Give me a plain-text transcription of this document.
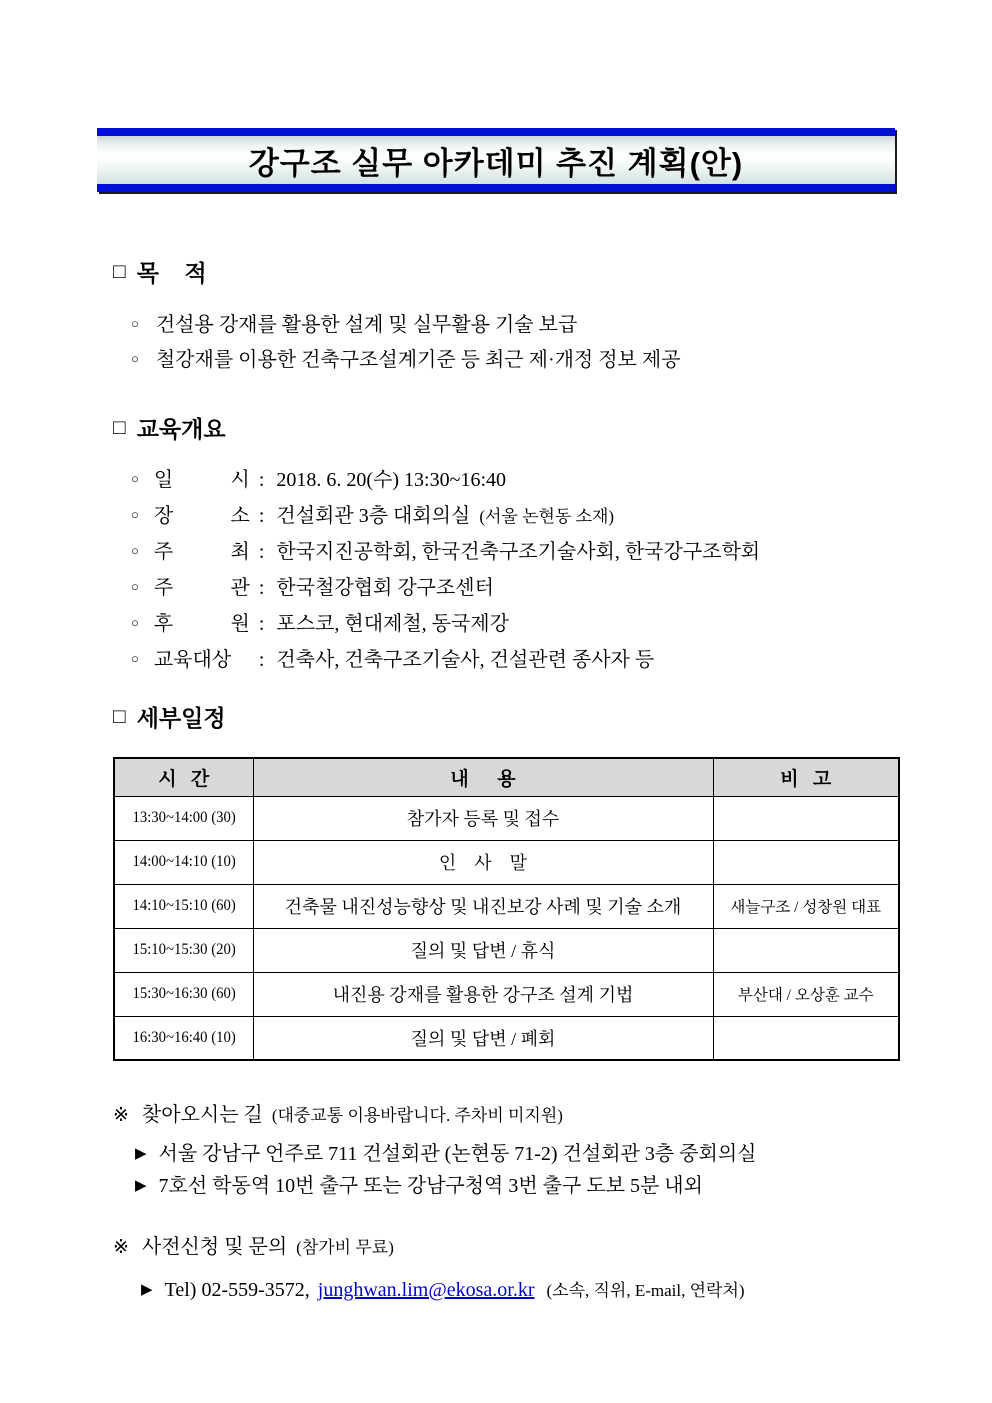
강구조 실무 아카데미 추진 계획(안)
□ 목    적
○ 건설용 강재를 활용한 설계 및 실무활용 기술 보급
○ 철강재를 이용한 건축구조설계기준 등 최근 제·개정 정보 제공
□ 교육개요
○ 일 시 : 2018. 6. 20(수) 13:30~16:40
○ 장 소 : 건설회관 3층 대회의실 (서울 논현동 소재)
○ 주 최 : 한국지진공학회, 한국건축구조기술사회, 한국강구조학회
○ 주 관 : 한국철강협회 강구조센터
○ 후 원 : 포스코, 현대제철, 동국제강
○ 교육대상	: 건축사, 건축구조기술사, 건설관련 종사자 등
□ 세부일정
시   간	내      용	비   고
13:30~14:00 (30)	참가자 등록 및 접수	
14:00~14:10 (10)	인    사    말	
14:10~15:10 (60)	건축물 내진성능향상 및 내진보강 사례 및 기술 소개	새늘구조 / 성창원 대표
15:10~15:30 (20)	질의 및 답변 / 휴식	
15:30~16:30 (60)	내진용 강재를 활용한 강구조 설계 기법	부산대 / 오상훈 교수
16:30~16:40 (10)	질의 및 답변 / 폐회	
※ 찾아오시는 길 (대중교통 이용바랍니다. 주차비 미지원)
▶ 서울 강남구 언주로 711 건설회관 (논현동 71-2) 건설회관 3층 중회의실
▶ 7호선 학동역 10번 출구 또는 강남구청역 3번 출구 도보 5분 내외
※ 사전신청 및 문의 (참가비 무료)
▶ Tel) 02-559-3572, junghwan.lim@ekosa.or.kr (소속, 직위, E-mail, 연락처)
